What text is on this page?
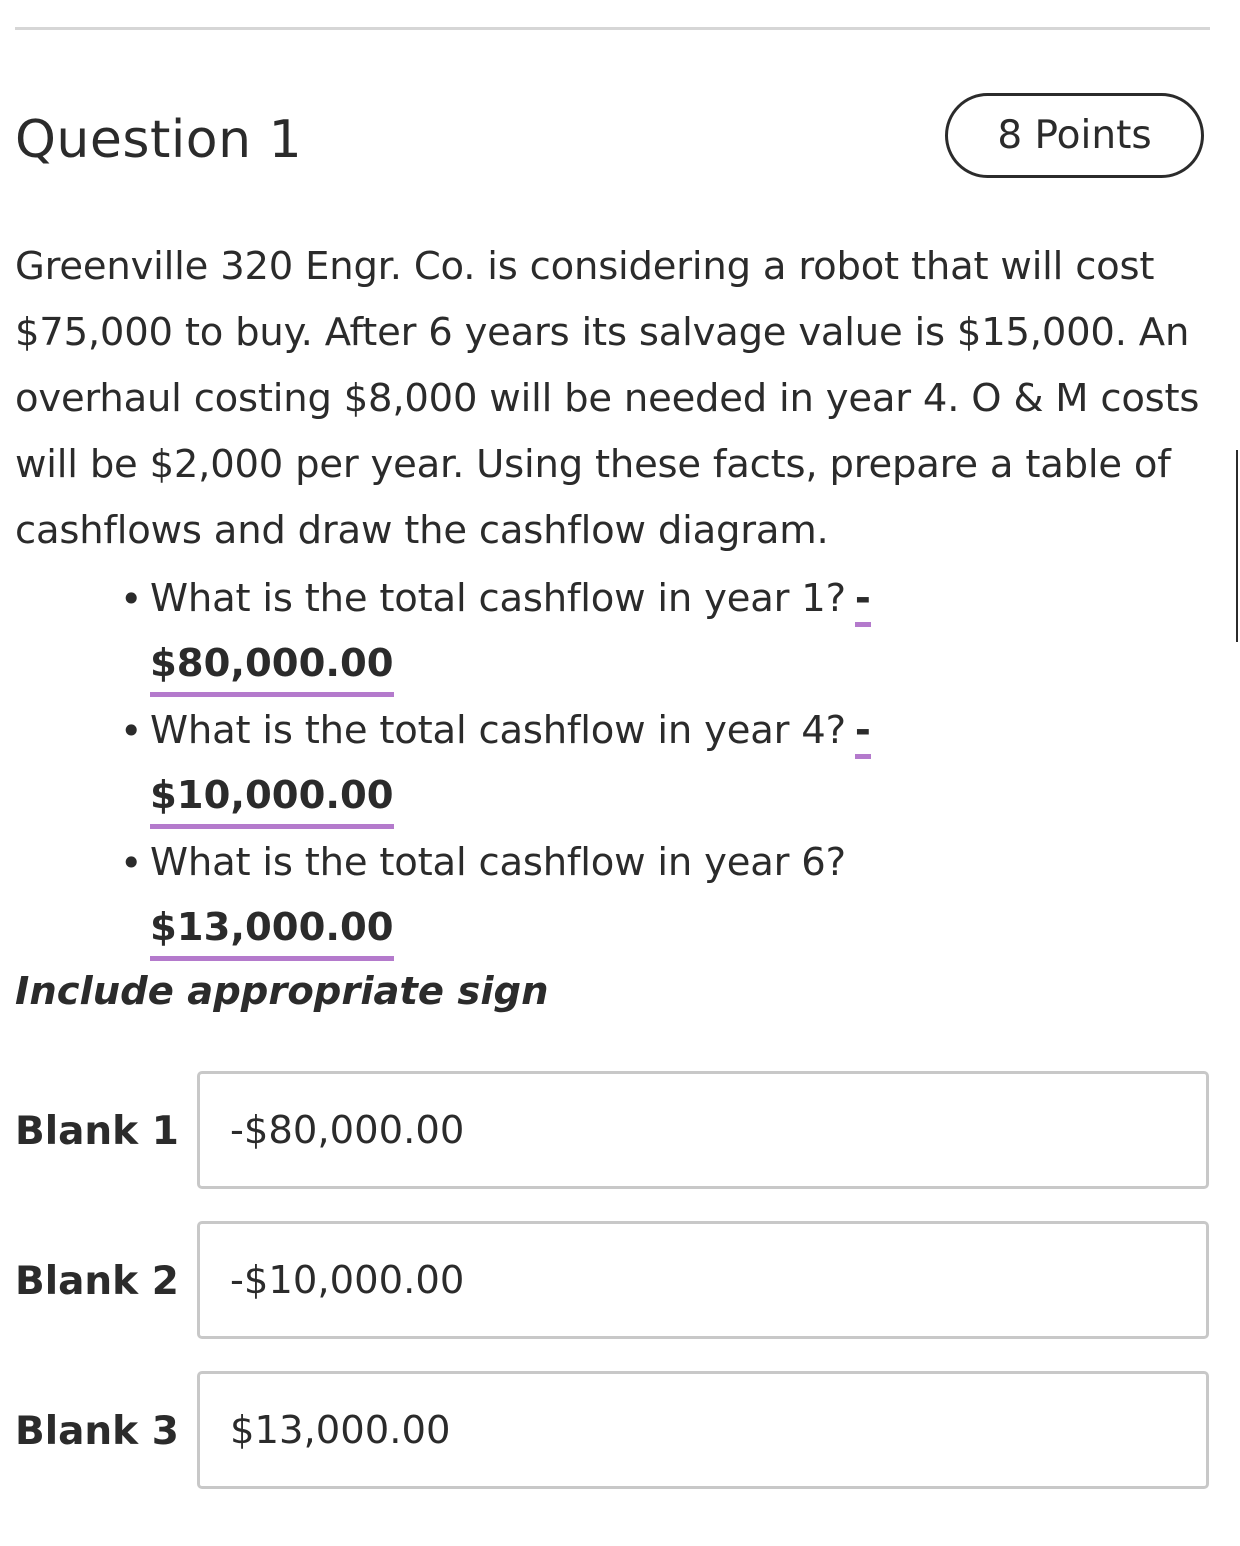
Question 1	8 Points
Greenville 320 Engr. Co. is considering a robot that will cost $75,000 to buy. After 6 years its salvage value is $15,000. An overhaul costing $8,000 will be needed in year 4. O & M costs will be $2,000 per year. Using these facts, prepare a table of cashflows and draw the cashflow diagram.
• What is the total cashflow in year 1? -
$80,000.00
• What is the total cashflow in year 4? -
$10,000.00
• What is the total cashflow in year 6?
$13,000.00
Include appropriate sign
Blank 1
-$80,000.00
Blank 2
-$10,000.00
Blank 3
$13,000.00
